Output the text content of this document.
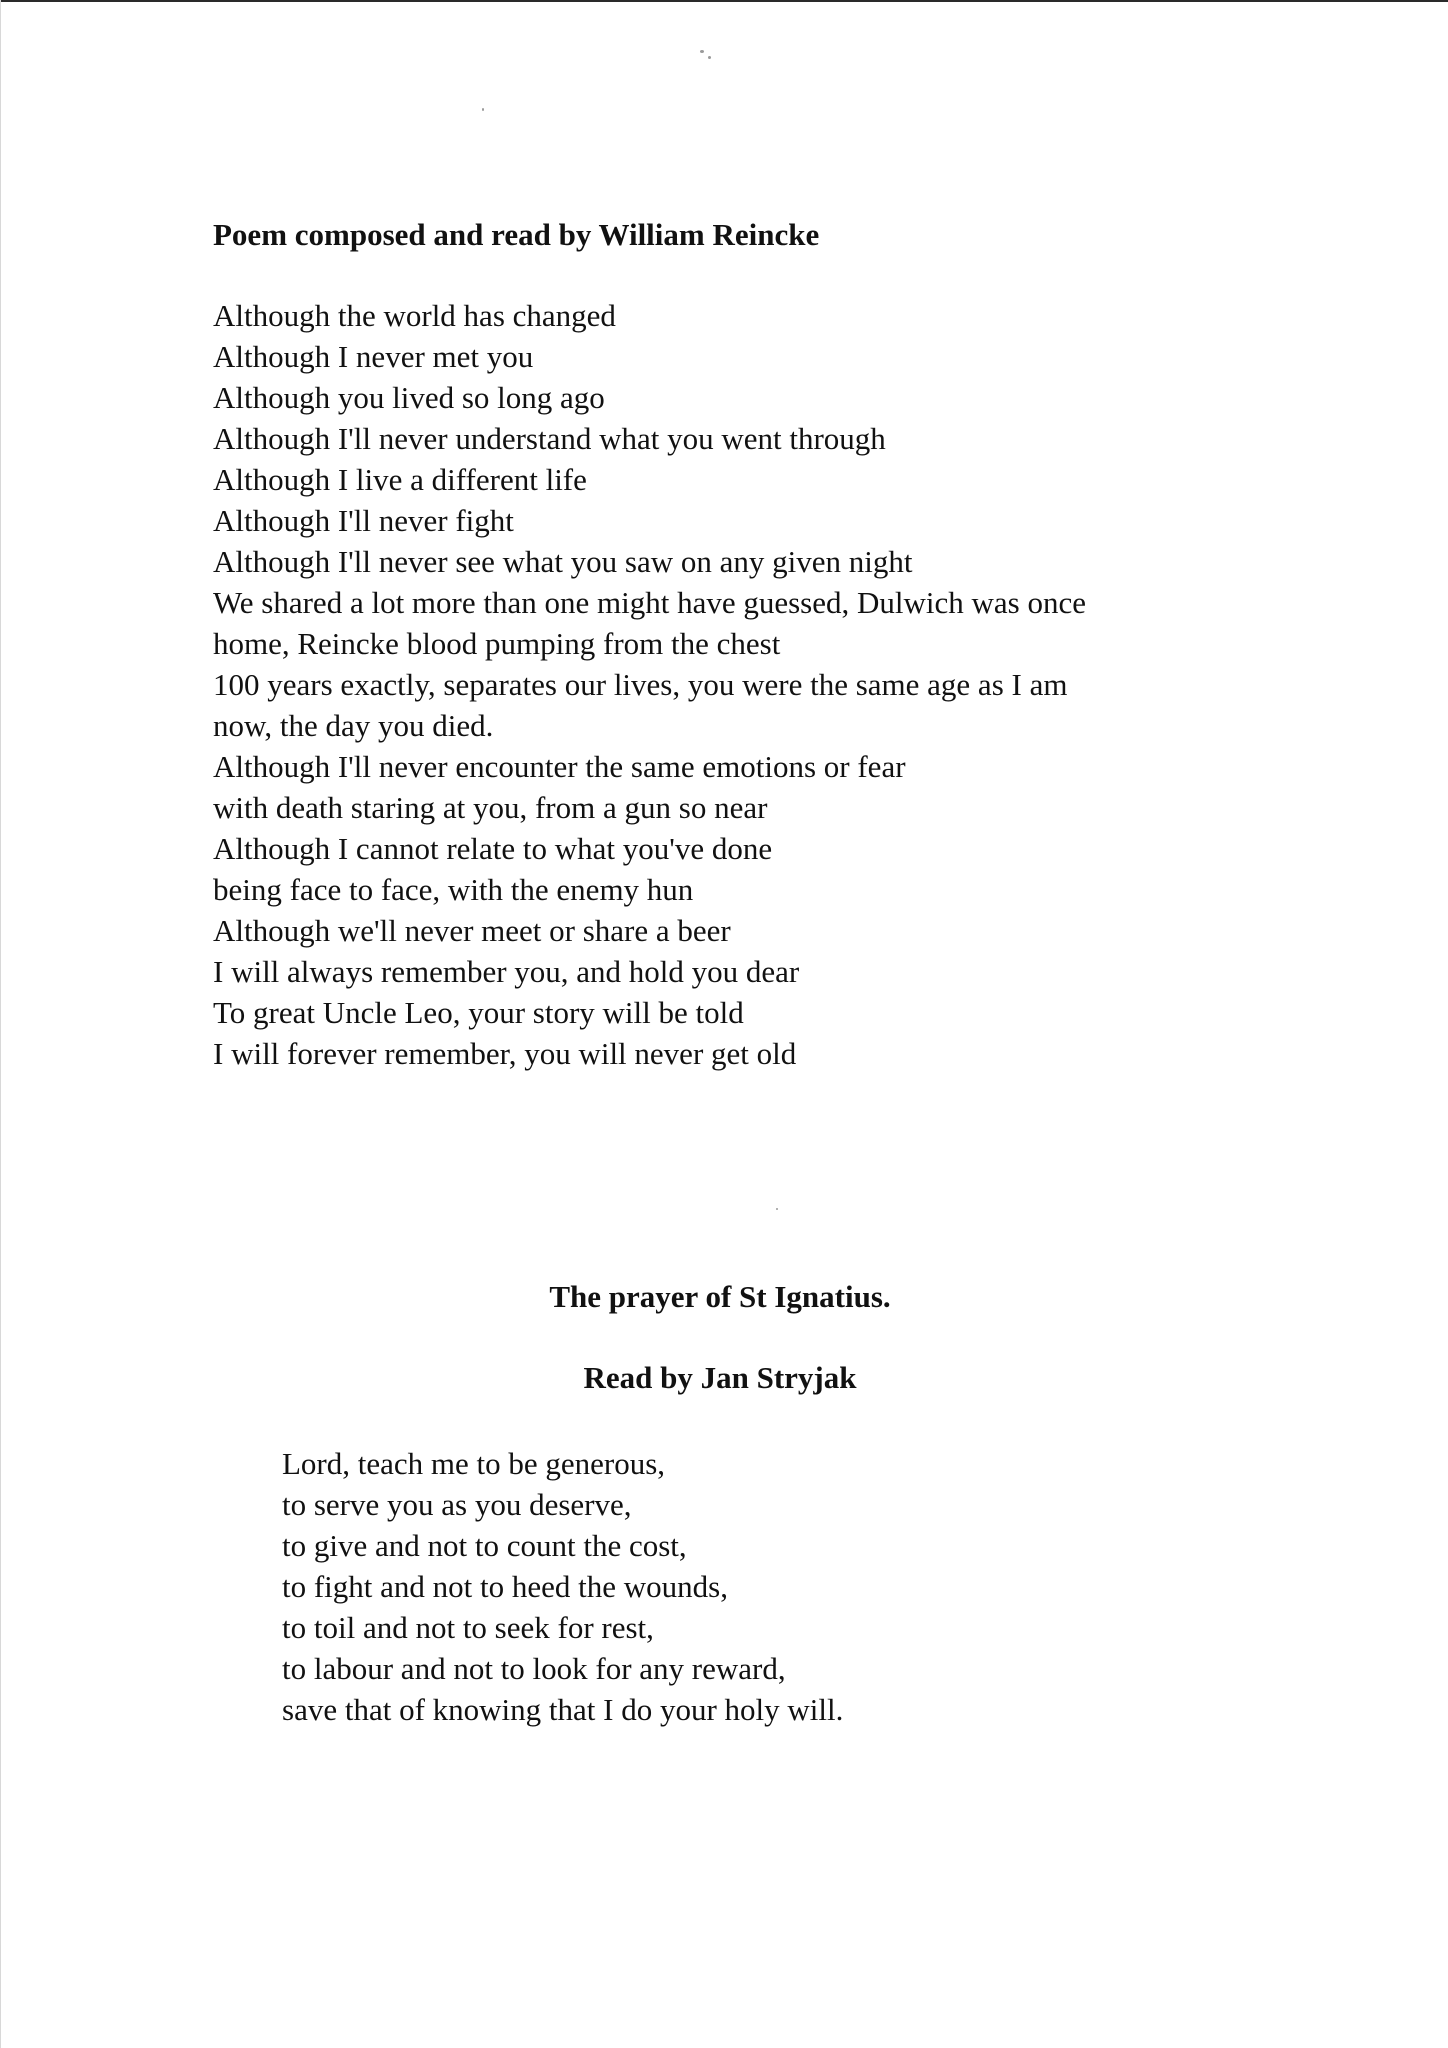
Poem composed and read by William Reincke
Although the world has changed
Although I never met you
Although you lived so long ago
Although I'll never understand what you went through
Although I live a different life
Although I'll never fight
Although I'll never see what you saw on any given night
We shared a lot more than one might have guessed, Dulwich was once
home, Reincke blood pumping from the chest
100 years exactly, separates our lives, you were the same age as I am
now, the day you died.
Although I'll never encounter the same emotions or fear
with death staring at you, from a gun so near
Although I cannot relate to what you've done
being face to face, with the enemy hun
Although we'll never meet or share a beer
I will always remember you, and hold you dear
To great Uncle Leo, your story will be told
I will forever remember, you will never get old
The prayer of St Ignatius.
Read by Jan Stryjak
Lord, teach me to be generous,
to serve you as you deserve,
to give and not to count the cost,
to fight and not to heed the wounds,
to toil and not to seek for rest,
to labour and not to look for any reward,
save that of knowing that I do your holy will.
